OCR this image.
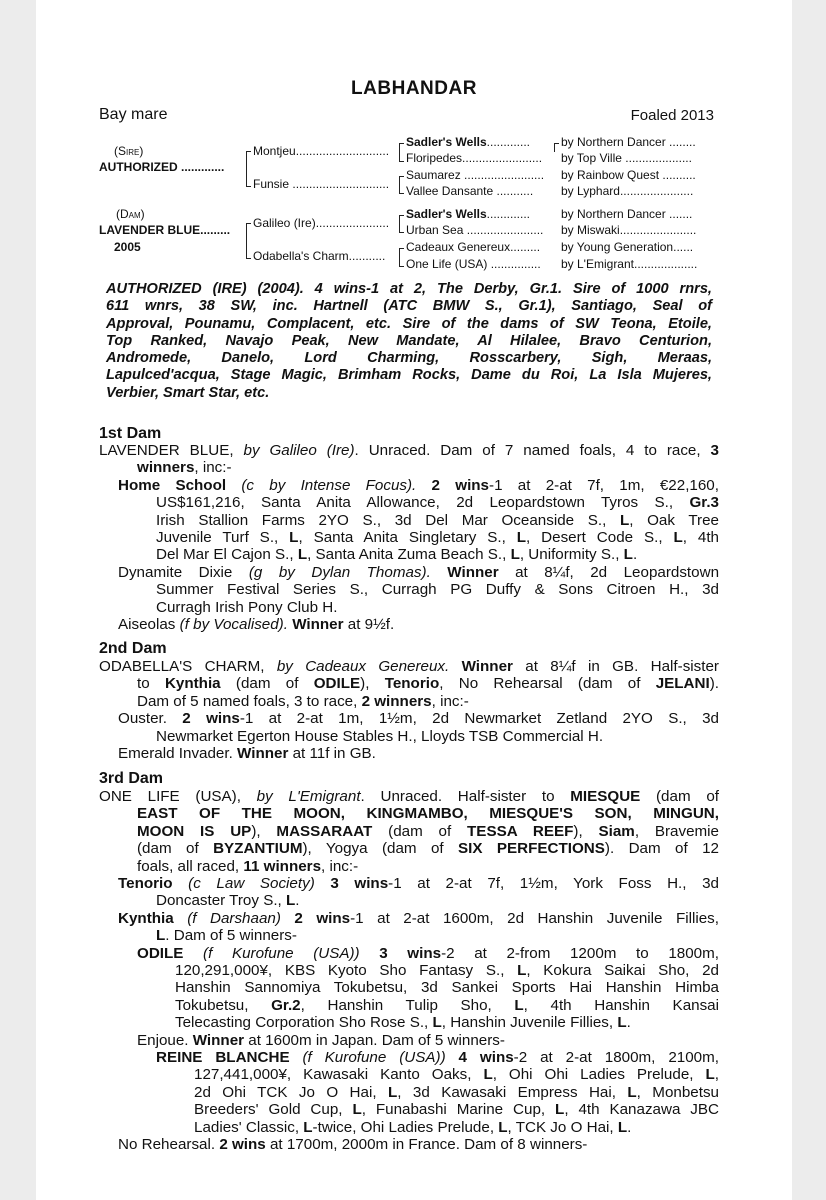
LABHANDAR
Bay mare	Foaled 2013
(Sire)
AUTHORIZED .............
(Dam)
LAVENDER BLUE.........
2005
Montjeu............................
Funsie .............................
Galileo (Ire)......................
Odabella's Charm...........
Sadler's Wells.............
Floripedes........................
Saumarez ........................
Vallee Dansante ...........
Sadler's Wells.............
Urban Sea .......................
Cadeaux Genereux.........
One Life (USA) ...............
by Northern Dancer ........
by Top Ville ....................
by Rainbow Quest ..........
by Lyphard......................
by Northern Dancer .......
by Miswaki.......................
by Young Generation......
by L'Emigrant...................
AUTHORIZED (IRE) (2004). 4 wins-1 at 2, The Derby, Gr.1. Sire of 1000 rnrs,
611 wnrs, 38 SW, inc. Hartnell (ATC BMW S., Gr.1), Santiago, Seal of
Approval, Pounamu, Complacent, etc. Sire of the dams of SW Teona, Etoile,
Top Ranked, Navajo Peak, New Mandate, Al Hilalee, Bravo Centurion,
Andromede, Danelo, Lord Charming, Rosscarbery, Sigh, Meraas,
Lapulced'acqua, Stage Magic, Brimham Rocks, Dame du Roi, La Isla Mujeres,
Verbier, Smart Star, etc.
1st Dam
LAVENDER BLUE, by Galileo (Ire). Unraced. Dam of 7 named foals, 4 to race, 3
winners, inc:-
Home School (c by Intense Focus). 2 wins-1 at 2-at 7f, 1m, €22,160,
US$161,216, Santa Anita Allowance, 2d Leopardstown Tyros S., Gr.3
Irish Stallion Farms 2YO S., 3d Del Mar Oceanside S., L, Oak Tree
Juvenile Turf S., L, Santa Anita Singletary S., L, Desert Code S., L, 4th
Del Mar El Cajon S., L, Santa Anita Zuma Beach S., L, Uniformity S., L.
Dynamite Dixie (g by Dylan Thomas). Winner at 8¼f, 2d Leopardstown
Summer Festival Series S., Curragh PG Duffy & Sons Citroen H., 3d
Curragh Irish Pony Club H.
Aiseolas (f by Vocalised). Winner at 9½f.
2nd Dam
ODABELLA'S CHARM, by Cadeaux Genereux. Winner at 8¼f in GB. Half-sister
to Kynthia (dam of ODILE), Tenorio, No Rehearsal (dam of JELANI).
Dam of 5 named foals, 3 to race, 2 winners, inc:-
Ouster. 2 wins-1 at 2-at 1m, 1½m, 2d Newmarket Zetland 2YO S., 3d
Newmarket Egerton House Stables H., Lloyds TSB Commercial H.
Emerald Invader. Winner at 11f in GB.
3rd Dam
ONE LIFE (USA), by L'Emigrant. Unraced. Half-sister to MIESQUE (dam of
EAST OF THE MOON, KINGMAMBO, MIESQUE'S SON, MINGUN,
MOON IS UP), MASSARAAT (dam of TESSA REEF), Siam, Bravemie
(dam of BYZANTIUM), Yogya (dam of SIX PERFECTIONS). Dam of 12
foals, all raced, 11 winners, inc:-
Tenorio (c Law Society) 3 wins-1 at 2-at 7f, 1½m, York Foss H., 3d
Doncaster Troy S., L.
Kynthia (f Darshaan) 2 wins-1 at 2-at 1600m, 2d Hanshin Juvenile Fillies,
L. Dam of 5 winners-
ODILE (f Kurofune (USA)) 3 wins-2 at 2-from 1200m to 1800m,
120,291,000¥, KBS Kyoto Sho Fantasy S., L, Kokura Saikai Sho, 2d
Hanshin Sannomiya Tokubetsu, 3d Sankei Sports Hai Hanshin Himba
Tokubetsu, Gr.2, Hanshin Tulip Sho, L, 4th Hanshin Kansai
Telecasting Corporation Sho Rose S., L, Hanshin Juvenile Fillies, L.
Enjoue. Winner at 1600m in Japan. Dam of 5 winners-
REINE BLANCHE (f Kurofune (USA)) 4 wins-2 at 2-at 1800m, 2100m,
127,441,000¥, Kawasaki Kanto Oaks, L, Ohi Ohi Ladies Prelude, L,
2d Ohi TCK Jo O Hai, L, 3d Kawasaki Empress Hai, L, Monbetsu
Breeders' Gold Cup, L, Funabashi Marine Cup, L, 4th Kanazawa JBC
Ladies' Classic, L-twice, Ohi Ladies Prelude, L, TCK Jo O Hai, L.
No Rehearsal. 2 wins at 1700m, 2000m in France. Dam of 8 winners-
